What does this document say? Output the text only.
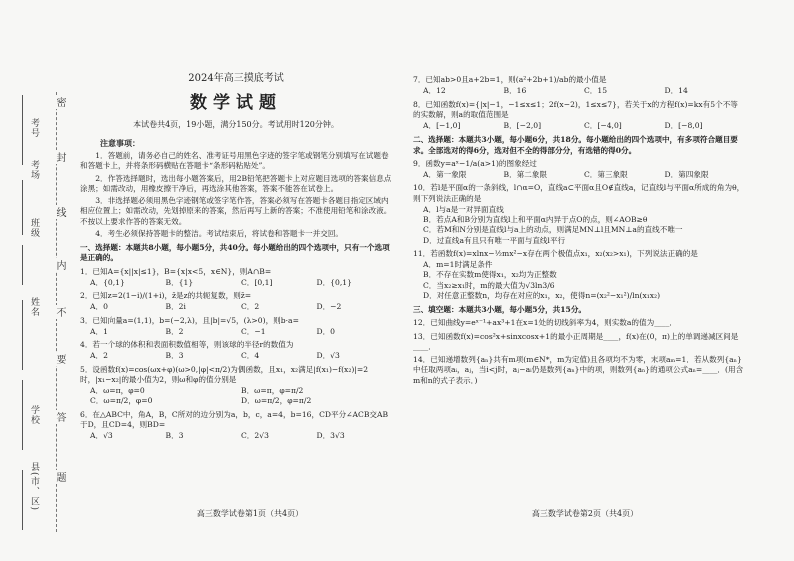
考号
考场
班级
姓名
学校
县(市、区)
密
封
线
内
不
要
答
题
2024年高三摸底考试
数学试题
本试卷共4页，19小题，满分150分。考试用时120分钟。
注意事项：
1．答题前，请务必自己的姓名、准考证号用黑色字迹的签字笔或钢笔分别填写在试题卷和答题卡上，并将条形码横贴在答题卡“条形码粘贴处”。
2．作答选择题时，选出每小题答案后，用2B铅笔把答题卡上对应题目选项的答案信息点涂黑；如需改动，用橡皮擦干净后，再选涂其他答案，答案不能答在试卷上。
3．非选择题必须用黑色字迹钢笔或签字笔作答，答案必须写在答题卡各题目指定区域内相应位置上；如需改动，先划掉原来的答案，然后再写上新的答案；不准使用铅笔和涂改液。不按以上要求作答的答案无效。
4．考生必须保持答题卡的整洁。考试结束后，将试卷和答题卡一并交回。
一、选择题：本题共8小题，每小题5分，共40分。每小题给出的四个选项中，只有一个选项是正确的。
1．已知A={x||x|≤1}，B={x|x<5，x∈N}，则A∩B=
A．{0,1}	B．{1}	C．[0,1]	D．{0,1}
2．已知z=2(1−i)/(1+i)，z̄是z的共轭复数，则z̄=
A．0	B．2i	C．2	D．−2
3．已知向量a=(1,1)，b=(−2,λ)，且|b|=√5，(λ>0)，则b·a=
A．1	B．2	C．−1	D．0
4．若一个球的体积和表面积数值相等，则该球的半径r的数值为
A．2	B．3	C．4	D．√3
5．设函数f(x)=cos(ωx+φ)(ω>0,|φ|<π/2)为偶函数，且x₁，x₂满足|f(x₁)−f(x₂)|=2时，|x₁−x₂|的最小值为2，则ω和φ的值分别是
A．ω=π，φ=0	B．ω=π，φ=π/2
C．ω=π/2，φ=0	D．ω=π/2，φ=π/2
6．在△ABC中，角A，B，C所对的边分别为a，b，c，a=4，b=16，CD平分∠ACB交AB于D，且CD=4，则BD=
A．√3	B．3	C．2√3	D．3√3
7．已知ab>0且a+2b=1，则(a²+2b+1)/ab的最小值是
A．12	B．16	C．15	D．14
8．已知函数f(x)={|x|−1，−1≤x≤1；2f(x−2)，1≤x≤7}，若关于x的方程f(x)=kx有5个不等的实数解，则a的取值范围是
A．[−1,0]	B．[−2,0]	C．[−4,0]	D．[−8,0]
二、选择题：本题共3小题，每小题6分，共18分。每小题给出的四个选项中，有多项符合题目要求。全部选对的得6分，选对但不全的得部分分，有选错的得0分。
9．函数y=aˣ−1/a(a>1)的图象经过
A．第一象限	B．第二象限	C．第三象限	D．第四象限
10．若l是平面α的一条斜线，l∩α=O，直线a⊂平面α且O∉直线a，记直线l与平面α所成的角为θ，则下列说法正确的是
A．l与a是一对异面直线
B．若点A和B分别为直线l上和平面α内异于点O的点，则∠AOB≥θ
C．若M和N分别是直线l与a上的动点，则满足MN⊥l且MN⊥a的直线不唯一
D．过直线a有且只有唯一平面与直线l平行
11．若函数f(x)=xlnx−½mx²−x存在两个极值点x₁，x₂(x₂>x₁)，下列说法正确的是
A．m=1时满足条件
B．不存在实数m使得x₁，x₂均为正整数
C．当x₂≥x₁时，m的最大值为√3ln3/6
D．对任意正整数n，均存在对应的x₁，x₂，使得n=(x₂²−x₁²)/ln(x₁x₂)
三、填空题：本题共3小题，每小题5分，共15分。
12．已知曲线y=eˣ⁻¹+ax³+1在x=1处的切线斜率为4，则实数a的值为____．
13．已知函数f(x)=cos²x+sinxcosx+1的最小正周期是____，f(x)在(0，π)上的单调递减区间是____．
14．已知递增数列{aₙ}共有m项(m∈N*，m为定值)且各项均不为零，末项aₘ=1．若从数列{aₙ}中任取两项aᵢ，aⱼ，当i<j时，aⱼ−aᵢ仍是数列{aₙ}中的项，则数列{aₙ}的通项公式aₙ=____．(用含m和n的式子表示．)
高三数学试卷第1页（共4页）	高三数学试卷第2页（共4页）
